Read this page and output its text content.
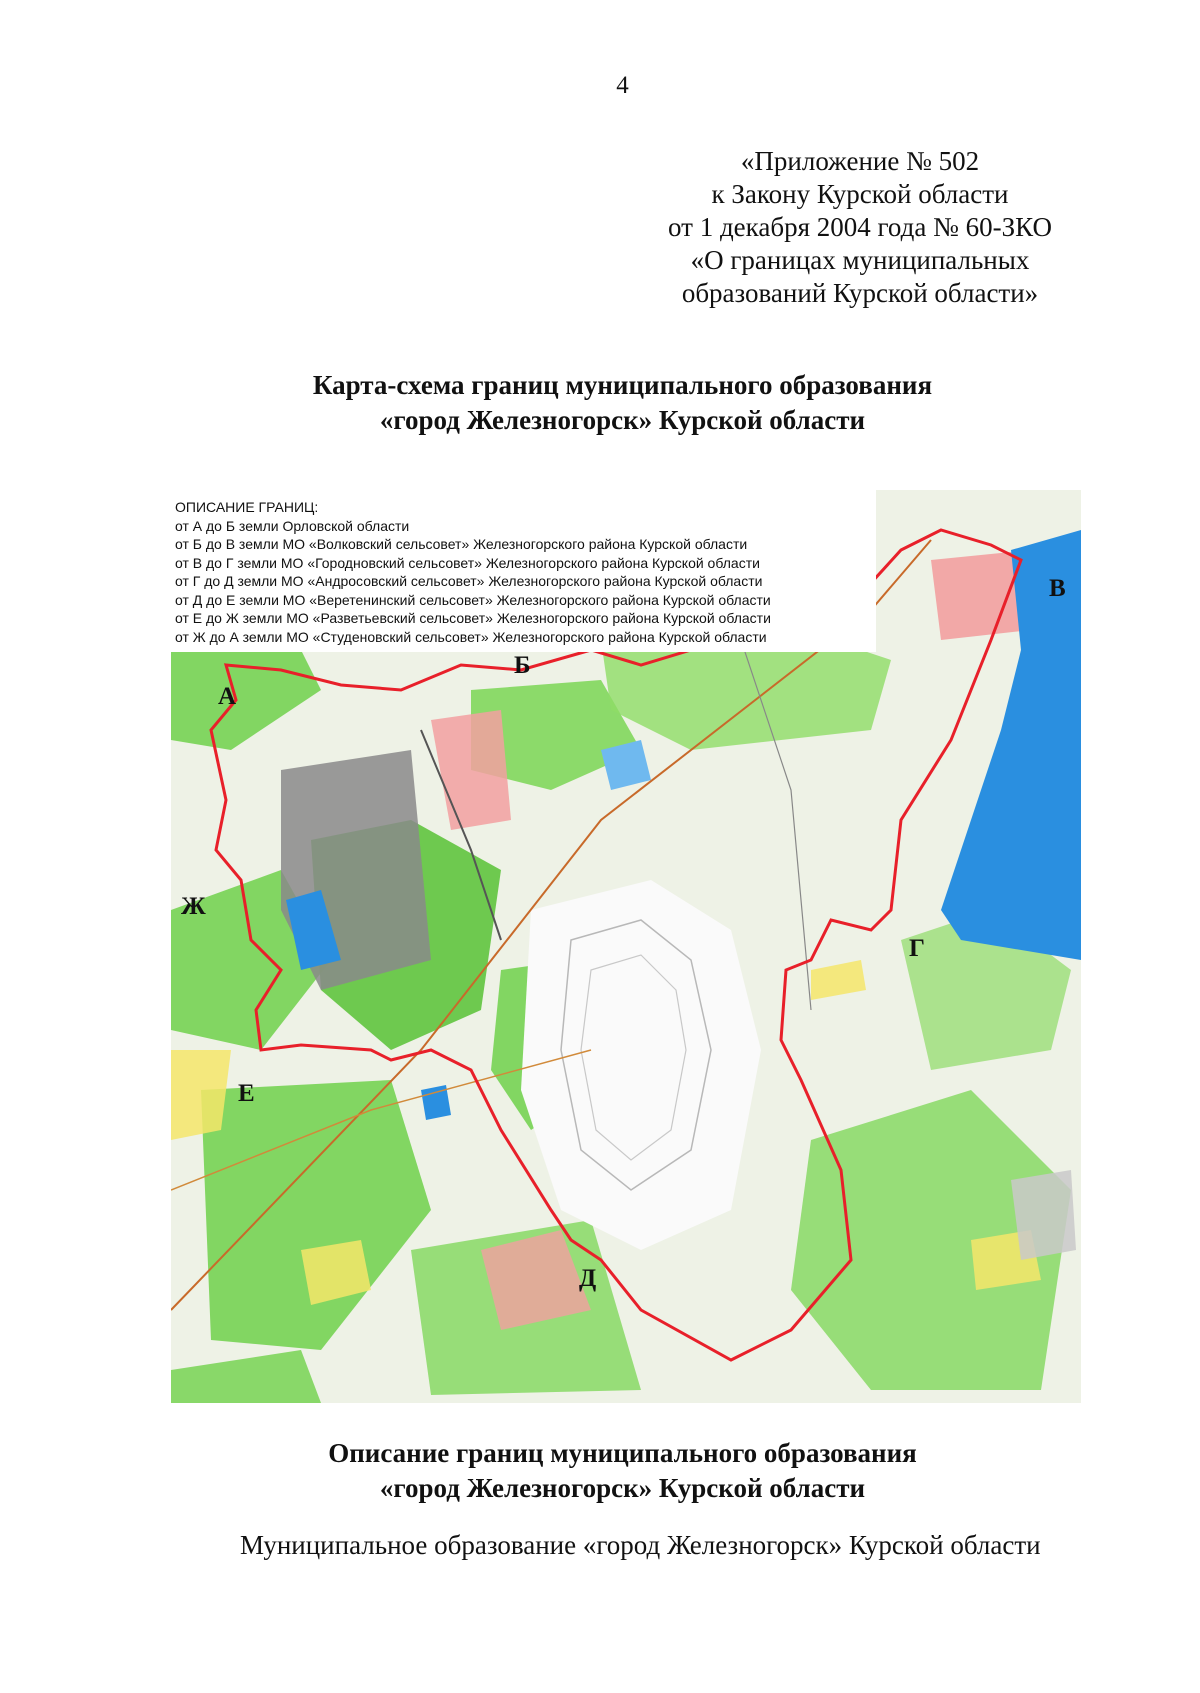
4
«Приложение № 502
к Закону Курской области
от 1 декабря 2004 года № 60-ЗКО
«О границах муниципальных
образований Курской области»
Карта-схема границ муниципального образования
«город Железногорск» Курской области
ОПИСАНИЕ ГРАНИЦ:
от А до Б земли Орловской области
от Б до В земли МО «Волковский сельсовет» Железногорского района Курской области
от В до Г земли МО «Городновский сельсовет» Железногорского района Курской области
от Г до Д земли МО «Андросовский сельсовет» Железногорского района Курской области
от Д до Е земли МО «Веретенинский сельсовет» Железногорского района Курской области
от Е до Ж земли МО «Разветьевский сельсовет» Железногорского района Курской области
от Ж до А земли МО «Студеновский сельсовет» Железногорского района Курской области
А
Б
В
Г
Д
Е
Ж
Описание границ муниципального образования
«город Железногорск» Курской области
Муниципальное образование «город Железногорск» Курской области
